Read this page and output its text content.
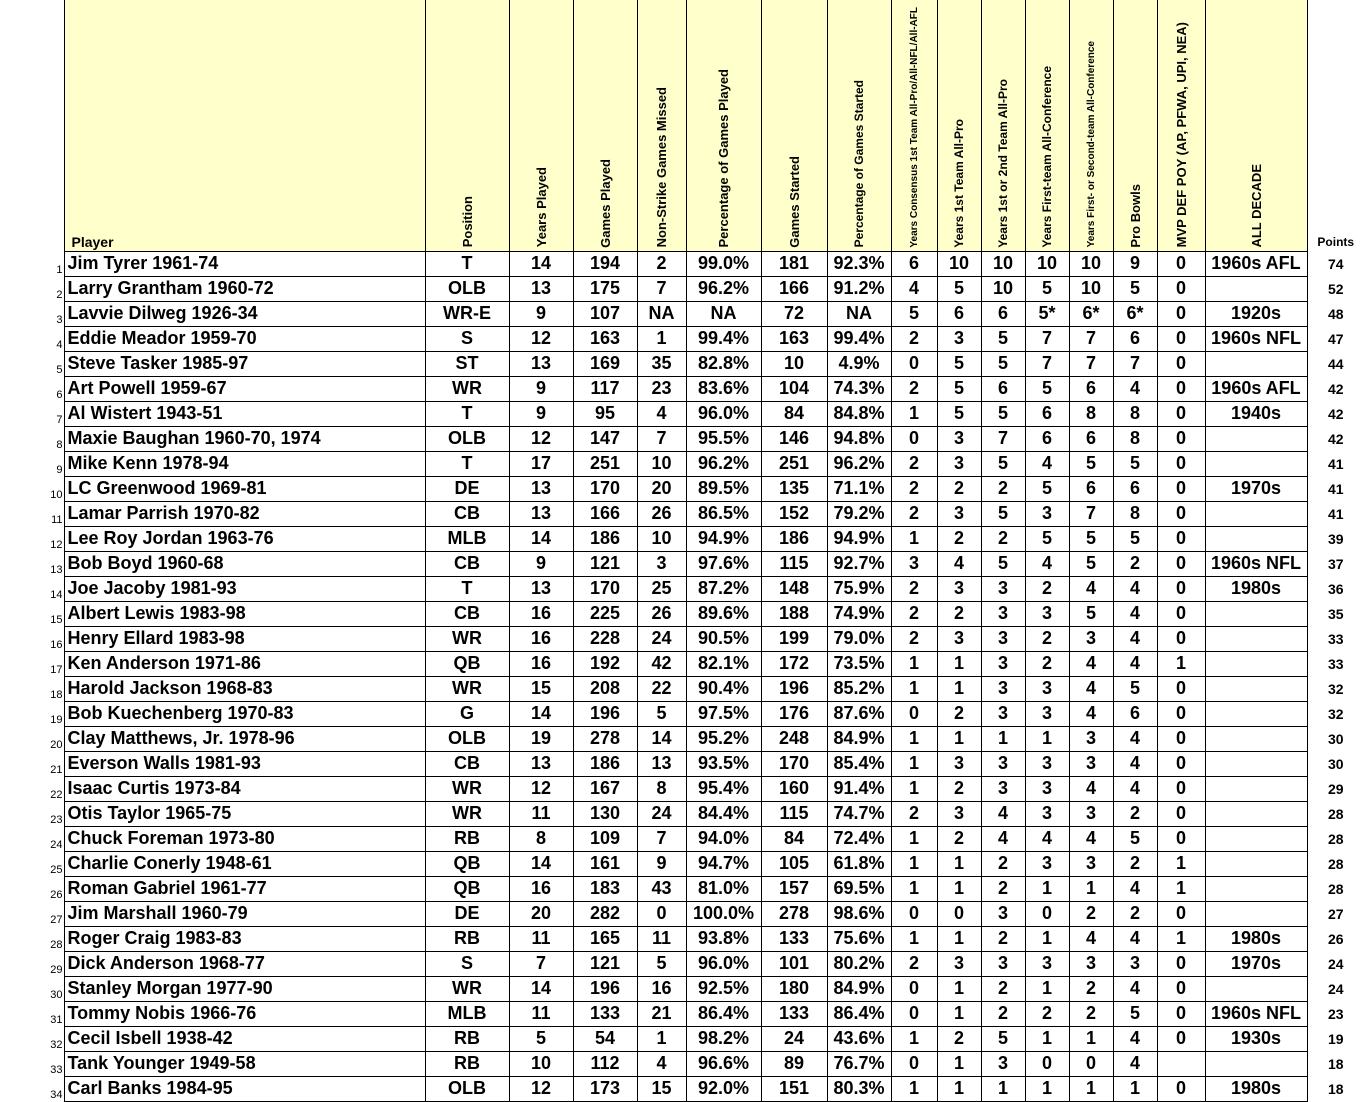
	Player	Position	Years Played	Games Played	Non-Strike Games Missed	Percentage of Games Played	Games Started	Percentage of Games Started	Years Consensus 1st Team All-Pro/All-NFL/All-AFL	Years 1st Team All-Pro	Years 1st or 2nd Team All-Pro	Years First-team All-Conference	Years First- or Second-team All-Conference	Pro Bowls	MVP DEF POY (AP, PFWA, UPI, NEA)	ALL DECADE	Points
1	Jim Tyrer 1961-74	T	14	194	2	99.0%	181	92.3%	6	10	10	10	10	9	0	1960s AFL	74
2	Larry Grantham 1960-72	OLB	13	175	7	96.2%	166	91.2%	4	5	10	5	10	5	0		52
3	Lavvie Dilweg 1926-34	WR-E	9	107	NA	NA	72	NA	5	6	6	5*	6*	6*	0	1920s	48
4	Eddie Meador 1959-70	S	12	163	1	99.4%	163	99.4%	2	3	5	7	7	6	0	1960s NFL	47
5	Steve Tasker 1985-97	ST	13	169	35	82.8%	10	4.9%	0	5	5	7	7	7	0		44
6	Art Powell 1959-67	WR	9	117	23	83.6%	104	74.3%	2	5	6	5	6	4	0	1960s AFL	42
7	Al Wistert 1943-51	T	9	95	4	96.0%	84	84.8%	1	5	5	6	8	8	0	1940s	42
8	Maxie Baughan 1960-70, 1974	OLB	12	147	7	95.5%	146	94.8%	0	3	7	6	6	8	0		42
9	Mike Kenn 1978-94	T	17	251	10	96.2%	251	96.2%	2	3	5	4	5	5	0		41
10	LC Greenwood 1969-81	DE	13	170	20	89.5%	135	71.1%	2	2	2	5	6	6	0	1970s	41
11	Lamar Parrish 1970-82	CB	13	166	26	86.5%	152	79.2%	2	3	5	3	7	8	0		41
12	Lee Roy Jordan 1963-76	MLB	14	186	10	94.9%	186	94.9%	1	2	2	5	5	5	0		39
13	Bob Boyd 1960-68	CB	9	121	3	97.6%	115	92.7%	3	4	5	4	5	2	0	1960s NFL	37
14	Joe Jacoby 1981-93	T	13	170	25	87.2%	148	75.9%	2	3	3	2	4	4	0	1980s	36
15	Albert Lewis 1983-98	CB	16	225	26	89.6%	188	74.9%	2	2	3	3	5	4	0		35
16	Henry Ellard 1983-98	WR	16	228	24	90.5%	199	79.0%	2	3	3	2	3	4	0		33
17	Ken Anderson 1971-86	QB	16	192	42	82.1%	172	73.5%	1	1	3	2	4	4	1		33
18	Harold Jackson 1968-83	WR	15	208	22	90.4%	196	85.2%	1	1	3	3	4	5	0		32
19	Bob Kuechenberg 1970-83	G	14	196	5	97.5%	176	87.6%	0	2	3	3	4	6	0		32
20	Clay Matthews, Jr. 1978-96	OLB	19	278	14	95.2%	248	84.9%	1	1	1	1	3	4	0		30
21	Everson Walls 1981-93	CB	13	186	13	93.5%	170	85.4%	1	3	3	3	3	4	0		30
22	Isaac Curtis 1973-84	WR	12	167	8	95.4%	160	91.4%	1	2	3	3	4	4	0		29
23	Otis Taylor 1965-75	WR	11	130	24	84.4%	115	74.7%	2	3	4	3	3	2	0		28
24	Chuck Foreman 1973-80	RB	8	109	7	94.0%	84	72.4%	1	2	4	4	4	5	0		28
25	Charlie Conerly 1948-61	QB	14	161	9	94.7%	105	61.8%	1	1	2	3	3	2	1		28
26	Roman Gabriel 1961-77	QB	16	183	43	81.0%	157	69.5%	1	1	2	1	1	4	1		28
27	Jim Marshall 1960-79	DE	20	282	0	100.0%	278	98.6%	0	0	3	0	2	2	0		27
28	Roger Craig 1983-83	RB	11	165	11	93.8%	133	75.6%	1	1	2	1	4	4	1	1980s	26
29	Dick Anderson 1968-77	S	7	121	5	96.0%	101	80.2%	2	3	3	3	3	3	0	1970s	24
30	Stanley Morgan 1977-90	WR	14	196	16	92.5%	180	84.9%	0	1	2	1	2	4	0		24
31	Tommy Nobis 1966-76	MLB	11	133	21	86.4%	133	86.4%	0	1	2	2	2	5	0	1960s NFL	23
32	Cecil Isbell 1938-42	RB	5	54	1	98.2%	24	43.6%	1	2	5	1	1	4	0	1930s	19
33	Tank Younger 1949-58	RB	10	112	4	96.6%	89	76.7%	0	1	3	0	0	4			18
34	Carl Banks 1984-95	OLB	12	173	15	92.0%	151	80.3%	1	1	1	1	1	1	0	1980s	18
